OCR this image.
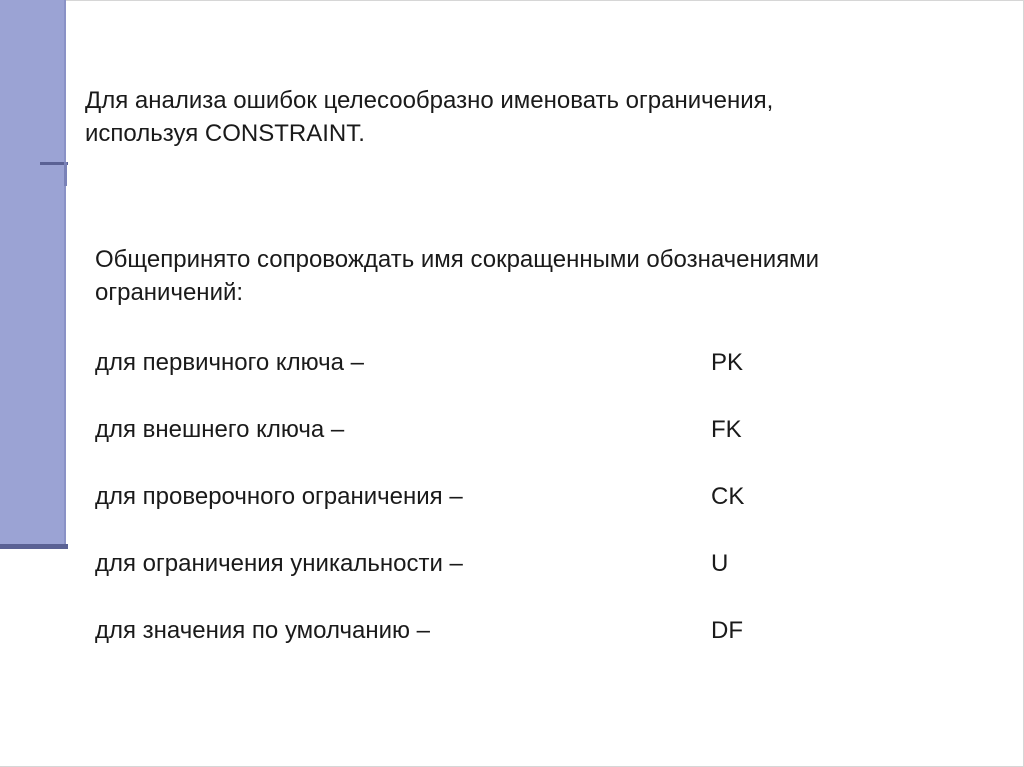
Для анализа ошибок целесообразно именовать ограничения,
используя CONSTRAINT.
Общепринято сопровождать имя сокращенными обозначениями
ограничений:
для первичного ключа –	PK
для внешнего ключа –	FK
для проверочного ограничения –	CK
для ограничения уникальности –	U
для значения по умолчанию –	DF
